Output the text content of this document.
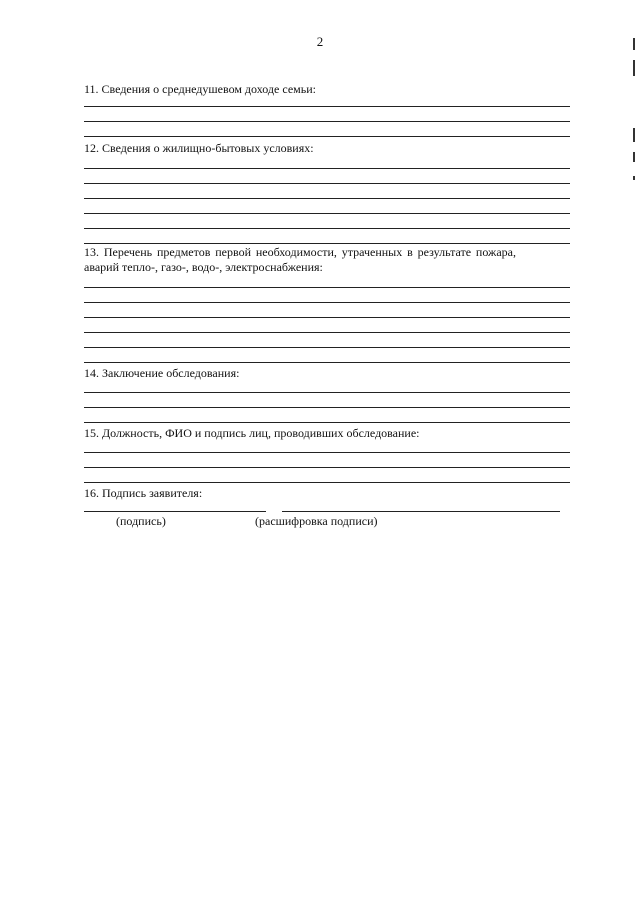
2
11. Сведения о среднедушевом доходе семьи:
12. Сведения о жилищно-бытовых условиях:
13. Перечень предметов первой необходимости, утраченных в результате пожара, аварий тепло-, газо-, водо-, электроснабжения:
14. Заключение обследования:
15. Должность, ФИО и подпись лиц, проводивших обследование:
16. Подпись заявителя:
(подпись)	(расшифровка подписи)
